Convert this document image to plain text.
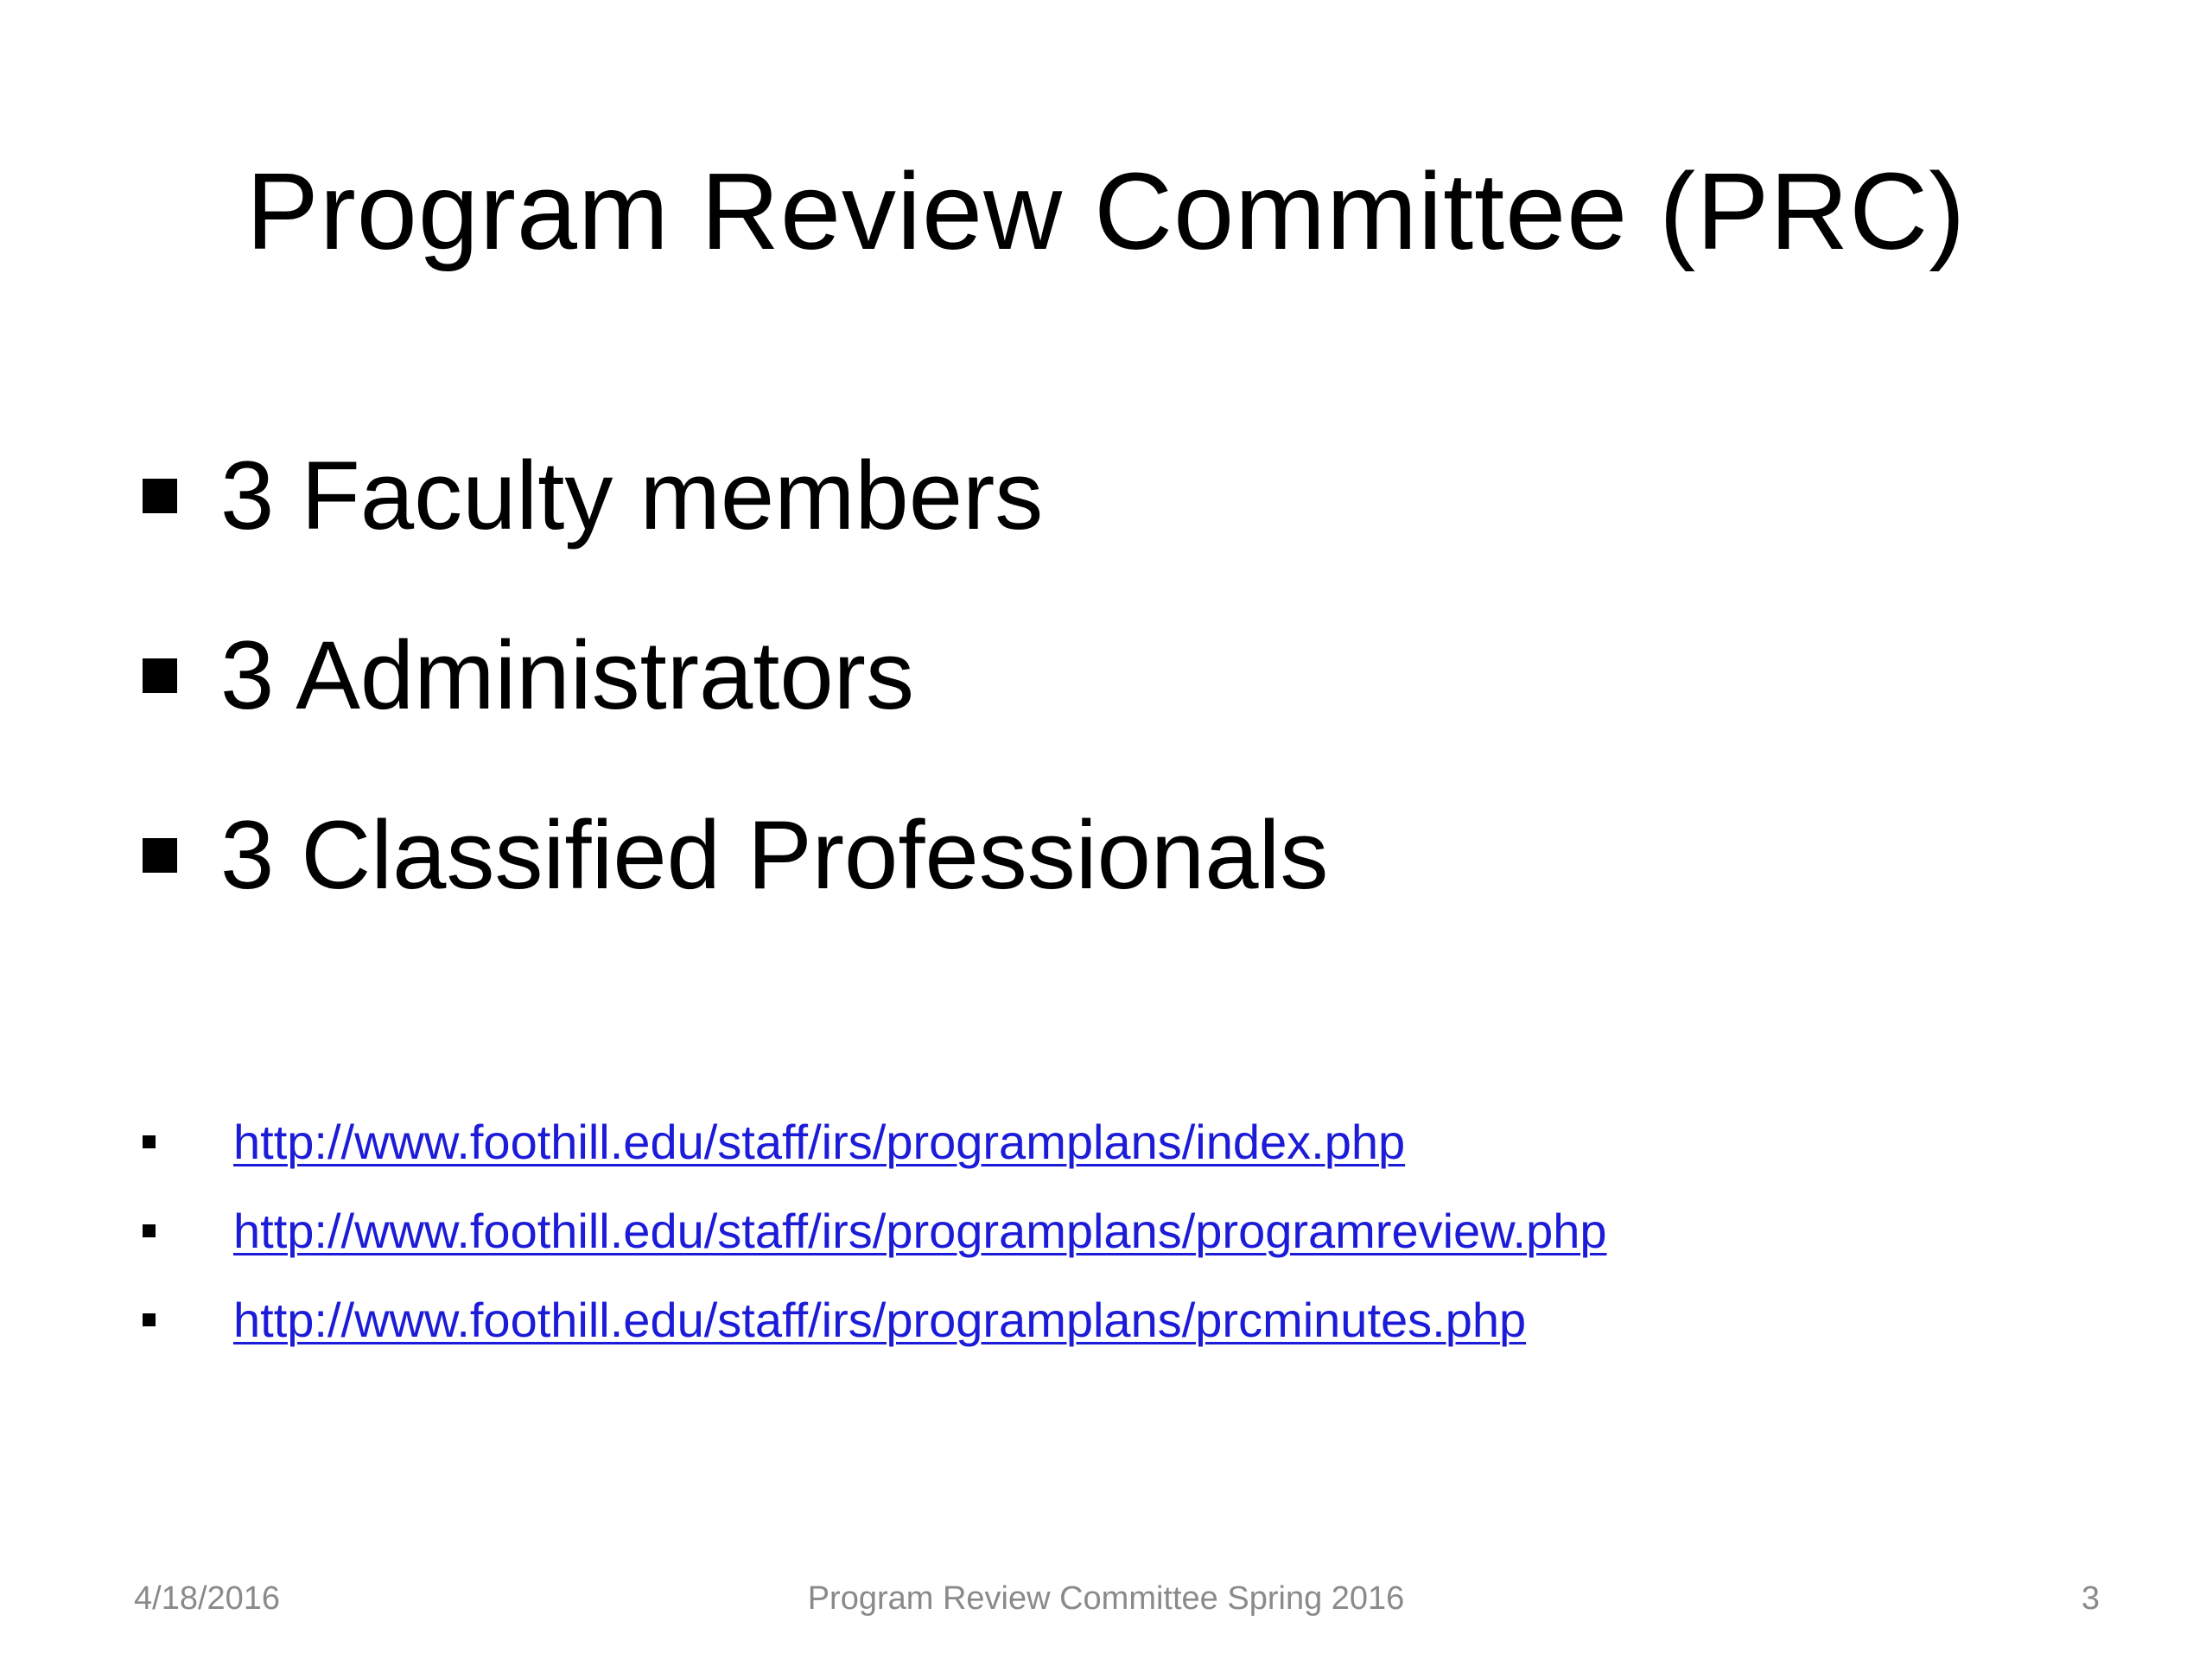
Program Review Committee (PRC)
3 Faculty members
3 Administrators
3 Classified Professionals
http://www.foothill.edu/staff/irs/programplans/index.php
http://www.foothill.edu/staff/irs/programplans/programreview.php
http://www.foothill.edu/staff/irs/programplans/prcminutes.php
4/18/2016	Program Review Committee Spring 2016	3
